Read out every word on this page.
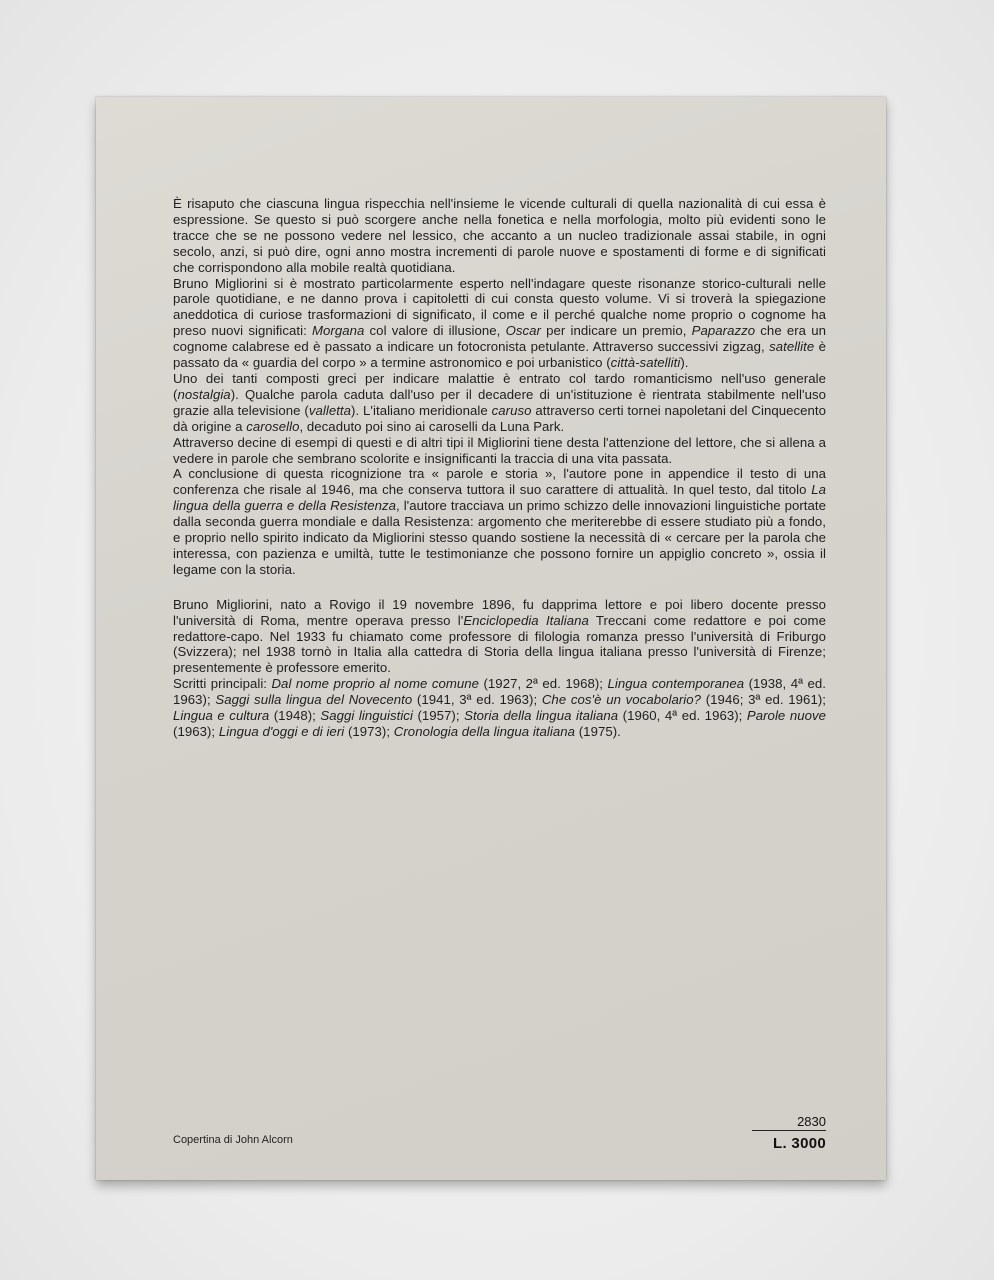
È risaputo che ciascuna lingua rispecchia nell'insieme le vicende culturali di quella nazionalità di cui essa è espressione. Se questo si può scorgere anche nella fonetica e nella morfologia, molto più evidenti sono le tracce che se ne possono vedere nel lessico, che accanto a un nucleo tradizionale assai stabile, in ogni secolo, anzi, si può dire, ogni anno mostra incrementi di parole nuove e spostamenti di forme e di significati che corrispondono alla mobile realtà quotidiana.

Bruno Migliorini si è mostrato particolarmente esperto nell'indagare queste risonanze storico-culturali nelle parole quotidiane, e ne danno prova i capitoletti di cui consta questo volume. Vi si troverà la spiegazione aneddotica di curiose trasformazioni di significato, il come e il perché qualche nome proprio o cognome ha preso nuovi significati: Morgana col valore di illusione, Oscar per indicare un premio, Paparazzo che era un cognome calabrese ed è passato a indicare un fotocronista petulante. Attraverso successivi zigzag, satellite è passato da « guardia del corpo » a termine astronomico e poi urbanistico (città-satelliti).

Uno dei tanti composti greci per indicare malattie è entrato col tardo romanticismo nell'uso generale (nostalgia). Qualche parola caduta dall'uso per il decadere di un'istituzione è rientrata stabilmente nell'uso grazie alla televisione (valletta). L'italiano meridionale caruso attraverso certi tornei napoletani del Cinquecento dà origine a carosello, decaduto poi sino ai caroselli da Luna Park.

Attraverso decine di esempi di questi e di altri tipi il Migliorini tiene desta l'attenzione del lettore, che si allena a vedere in parole che sembrano scolorite e insignificanti la traccia di una vita passata.

A conclusione di questa ricognizione tra « parole e storia », l'autore pone in appendice il testo di una conferenza che risale al 1946, ma che conserva tuttora il suo carattere di attualità. In quel testo, dal titolo La lingua della guerra e della Resistenza, l'autore tracciava un primo schizzo delle innovazioni linguistiche portate dalla seconda guerra mondiale e dalla Resistenza: argomento che meriterebbe di essere studiato più a fondo, e proprio nello spirito indicato da Migliorini stesso quando sostiene la necessità di « cercare per la parola che interessa, con pazienza e umiltà, tutte le testimonianze che possono fornire un appiglio concreto », ossia il legame con la storia.

Bruno Migliorini, nato a Rovigo il 19 novembre 1896, fu dapprima lettore e poi libero docente presso l'università di Roma, mentre operava presso l'Enciclopedia Italiana Treccani come redattore e poi come redattore-capo. Nel 1933 fu chiamato come professore di filologia romanza presso l'università di Friburgo (Svizzera); nel 1938 tornò in Italia alla cattedra di Storia della lingua italiana presso l'università di Firenze; presentemente è professore emerito.

Scritti principali: Dal nome proprio al nome comune (1927, 2ª ed. 1968); Lingua contemporanea (1938, 4ª ed. 1963); Saggi sulla lingua del Novecento (1941, 3ª ed. 1963); Che cos'è un vocabolario? (1946; 3ª ed. 1961); Lingua e cultura (1948); Saggi linguistici (1957); Storia della lingua italiana (1960, 4ª ed. 1963); Parole nuove (1963); Lingua d'oggi e di ieri (1973); Cronologia della lingua italiana (1975).

Copertina di John Alcorn
2830
L. 3000
